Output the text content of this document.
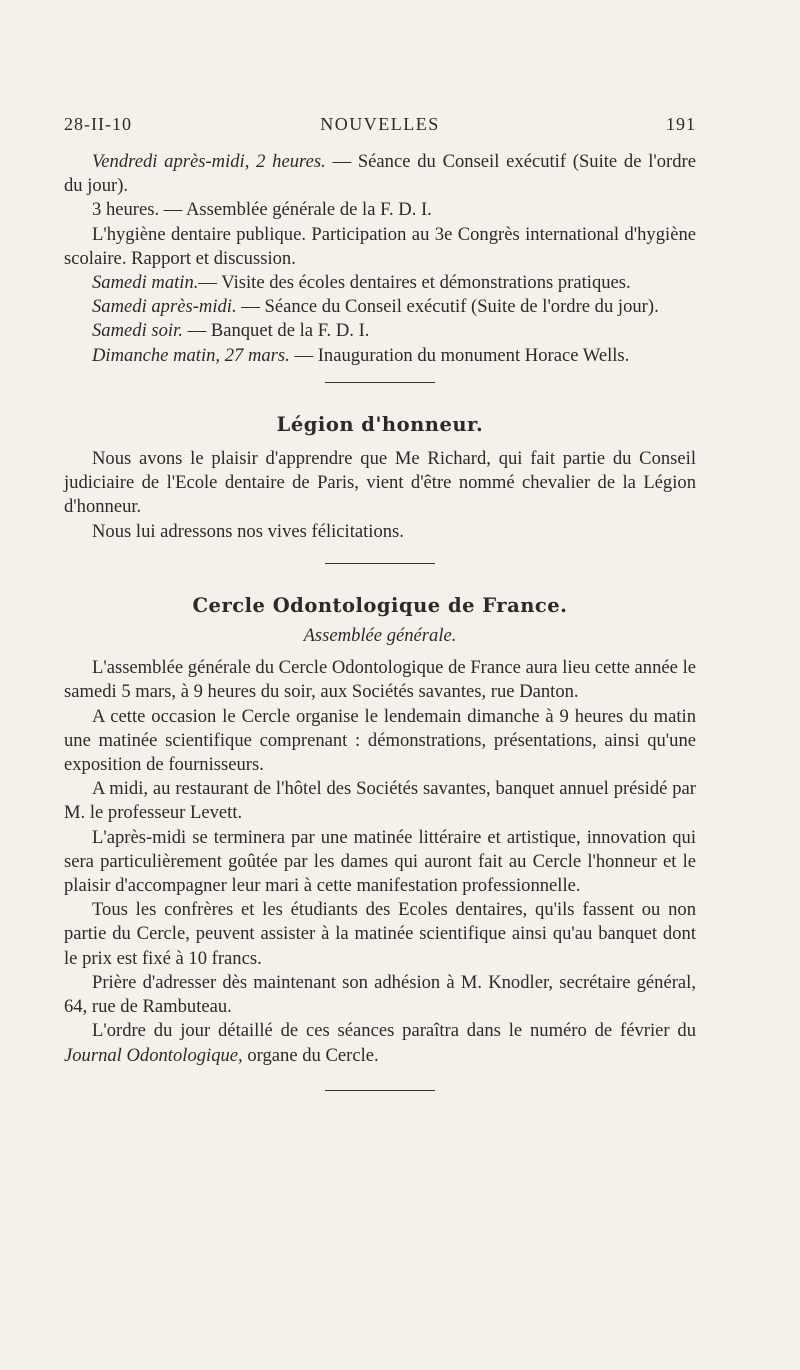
28-II-10	NOUVELLES	191

Vendredi après-midi, 2 heures. — Séance du Conseil exécutif (Suite de l'ordre du jour).

3 heures. — Assemblée générale de la F. D. I.

L'hygiène dentaire publique. Participation au 3e Congrès international d'hygiène scolaire. Rapport et discussion.

Samedi matin.— Visite des écoles dentaires et démonstrations pratiques.

Samedi après-midi. — Séance du Conseil exécutif (Suite de l'ordre du jour).

Samedi soir. — Banquet de la F. D. I.

Dimanche matin, 27 mars. — Inauguration du monument Horace Wells.

Légion d'honneur.

Nous avons le plaisir d'apprendre que Me Richard, qui fait partie du Conseil judiciaire de l'Ecole dentaire de Paris, vient d'être nommé chevalier de la Légion d'honneur.

Nous lui adressons nos vives félicitations.

Cercle Odontologique de France.

Assemblée générale.

L'assemblée générale du Cercle Odontologique de France aura lieu cette année le samedi 5 mars, à 9 heures du soir, aux Sociétés savantes, rue Danton.

A cette occasion le Cercle organise le lendemain dimanche à 9 heures du matin une matinée scientifique comprenant : démonstrations, présentations, ainsi qu'une exposition de fournisseurs.

A midi, au restaurant de l'hôtel des Sociétés savantes, banquet annuel présidé par M. le professeur Levett.

L'après-midi se terminera par une matinée littéraire et artistique, innovation qui sera particulièrement goûtée par les dames qui auront fait au Cercle l'honneur et le plaisir d'accompagner leur mari à cette manifestation professionnelle.

Tous les confrères et les étudiants des Ecoles dentaires, qu'ils fassent ou non partie du Cercle, peuvent assister à la matinée scientifique ainsi qu'au banquet dont le prix est fixé à 10 francs.

Prière d'adresser dès maintenant son adhésion à M. Knodler, secrétaire général, 64, rue de Rambuteau.

L'ordre du jour détaillé de ces séances paraîtra dans le numéro de février du Journal Odontologique, organe du Cercle.
